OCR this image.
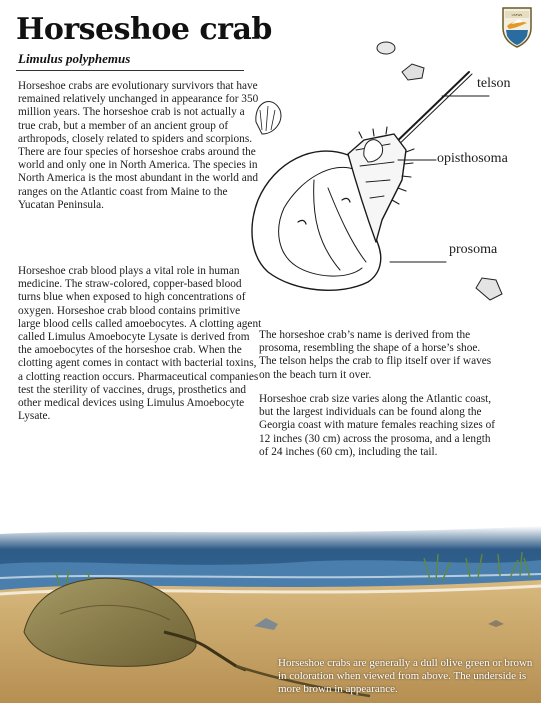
Horseshoe crab

Limulus polyphemus

USFWS

Horseshoe crabs are evolutionary survivors that have remained relatively unchanged in appearance for 350 million years. The horseshoe crab is not actually a true crab, but a member of an ancient group of arthropods, closely related to spiders and scorpions. There are four species of horseshoe crabs around the world and only one in North America. The species in North America is the most abundant in the world and ranges on the Atlantic coast from Maine to the Yucatan Peninsula.

Horseshoe crab blood plays a vital role in human medicine. The straw-colored, copper-based blood turns blue when exposed to high concentrations of oxygen. Horseshoe crab blood contains primitive large blood cells called amoebocytes. A clotting agent called Limulus Amoebocyte Lysate is derived from the amoebocytes of the horseshoe crab. When the clotting agent comes in contact with bacterial toxins, a clotting reaction occurs. Pharmaceutical companies test the sterility of vaccines, drugs, prosthetics and other medical devices using Limulus Amoebocyte Lysate.

The horseshoe crab’s name is derived from the prosoma, resembling the shape of a horse’s shoe. The telson helps the crab to flip itself over if waves on the beach turn it over.

Horseshoe crab size varies along the Atlantic coast, but the largest individuals can be found along the Georgia coast with mature females reaching sizes of 12 inches (30 cm) across the prosoma, and a length of 24 inches (60 cm), including the tail.

telson
opisthosoma
prosoma

Horseshoe crabs are generally a dull olive green or brown in coloration when viewed from above. The underside is more brown in appearance.
